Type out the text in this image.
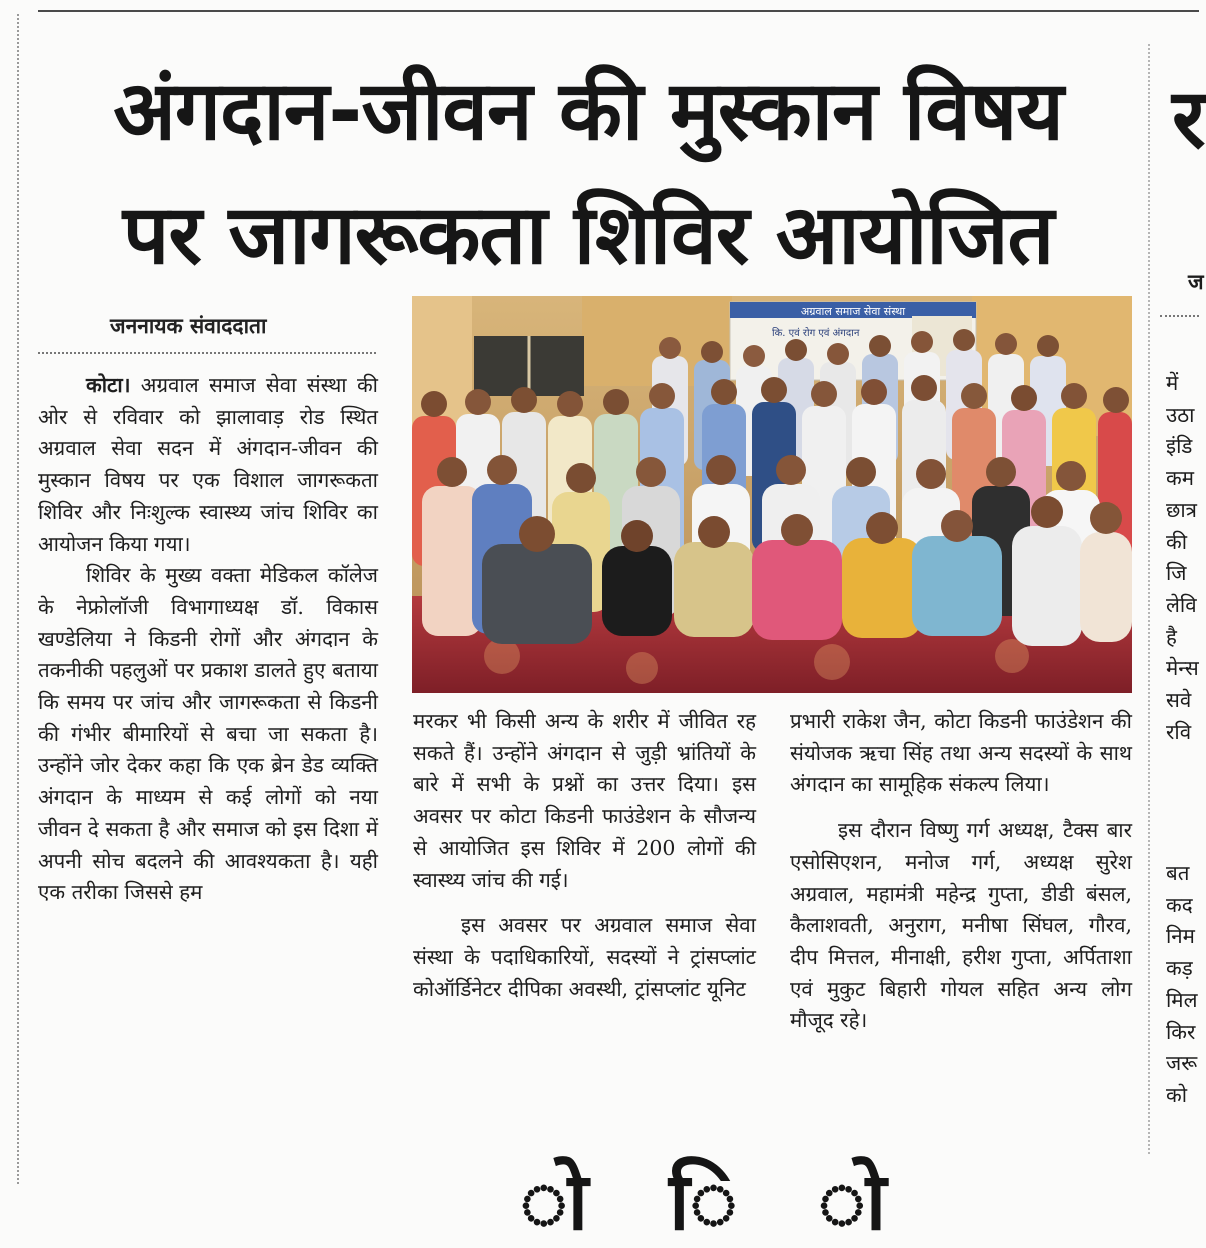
अंगदान-जीवन की मुस्कान विषय
पर जागरूकता शिविर आयोजित
जननायक संवाददाता

कोटा। अग्रवाल समाज सेवा संस्था की ओर से रविवार को झालावाड़ रोड स्थित अग्रवाल सेवा सदन में अंगदान-जीवन की मुस्कान विषय पर एक विशाल जागरूकता शिविर और निःशुल्क स्वास्थ्य जांच शिविर का आयोजन किया गया।

शिविर के मुख्य वक्ता मेडिकल कॉलेज के नेफ्रोलॉजी विभागाध्यक्ष डॉ. विकास खण्डेलिया ने किडनी रोगों और अंगदान के तकनीकी पहलुओं पर प्रकाश डालते हुए बताया कि समय पर जांच और जागरूकता से किडनी की गंभीर बीमारियों से बचा जा सकता है। उन्होंने जोर देकर कहा कि एक ब्रेन डेड व्यक्ति अंगदान के माध्यम से कई लोगों को नया जीवन दे सकता है और समाज को इस दिशा में अपनी सोच बदलने की आवश्यकता है। यही एक तरीका जिससे हम

अग्रवाल समाज सेवा संस्था
कि. एवं रोग एवं अंगदान

मरकर भी किसी अन्य के शरीर में जीवित रह सकते हैं। उन्होंने अंगदान से जुड़ी भ्रांतियों के बारे में सभी के प्रश्नों का उत्तर दिया। इस अवसर पर कोटा किडनी फाउंडेशन के सौजन्य से आयोजित इस शिविर में 200 लोगों की स्वास्थ्य जांच की गई।

इस अवसर पर अग्रवाल समाज सेवा संस्था के पदाधिकारियों, सदस्यों ने ट्रांसप्लांट कोऑर्डिनेटर दीपिका अवस्थी, ट्रांसप्लांट यूनिट

प्रभारी राकेश जैन, कोटा किडनी फाउंडेशन की संयोजक ऋचा सिंह तथा अन्य सदस्यों के साथ अंगदान का सामूहिक संकल्प लिया।

इस दौरान विष्णु गर्ग अध्यक्ष, टैक्स बार एसोसिएशन, मनोज गर्ग, अध्यक्ष सुरेश अग्रवाल, महामंत्री महेन्द्र गुप्ता, डीडी बंसल, कैलाशवती, अनुराग, मनीषा सिंघल, गौरव, दीप मित्तल, मीनाक्षी, हरीश गुप्ता, अर्पिताशा एवं मुकुट बिहारी गोयल सहित अन्य लोग मौजूद रहे।

र
ज
में
उठा
इंडि
कम
छात्र
की
जि
लेवि
है
मेन्स
सवे
रवि
बत
कद
निम
कड़
मिल
किर
जरू
को
ो ि ो
